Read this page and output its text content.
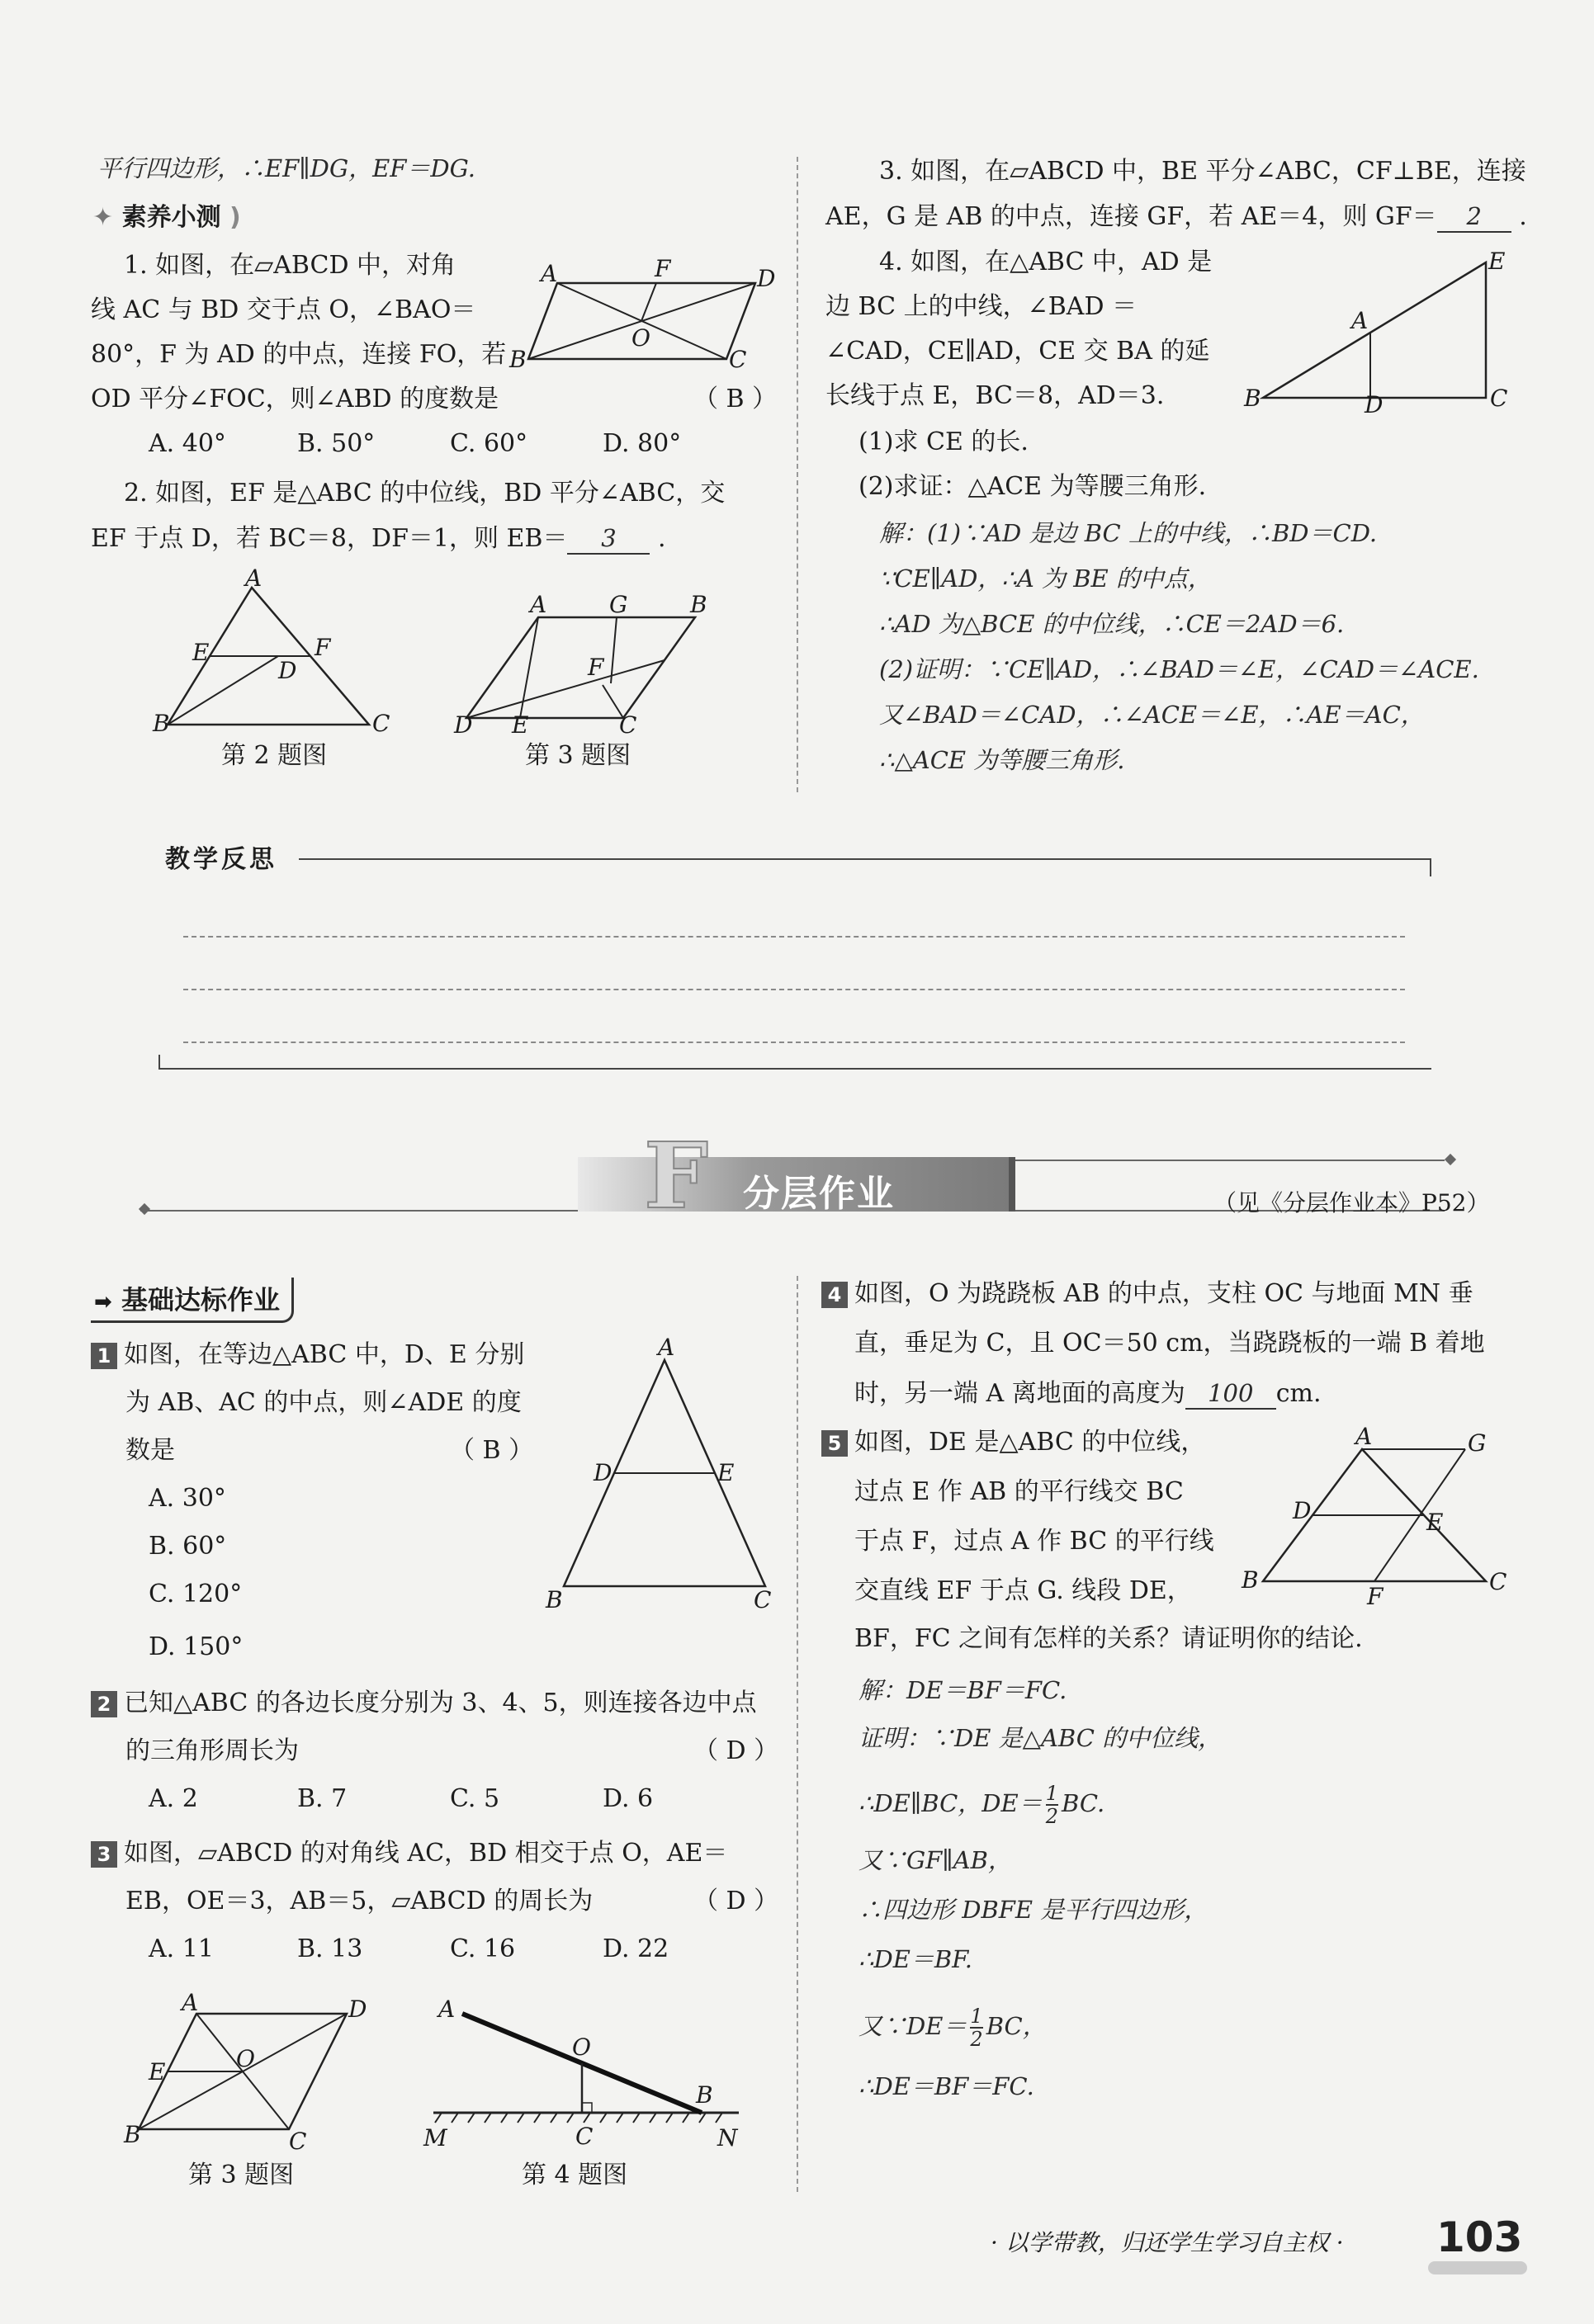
平行四边形，∴EF∥DG，EF＝DG.
✦ 素养小测 )
1. 如图，在▱ABCD 中，对角
线 AC 与 BD 交于点 O，∠BAO＝
80°，F 为 AD 的中点，连接 FO，若
OD 平分∠FOC，则∠ABD 的度数是	（ B ）
A. 40°	B. 50°	C. 60°	D. 80°
A	F	D
B
O
C
2. 如图，EF 是△ABC 的中位线，BD 平分∠ABC，交
EF 于点 D，若 BC＝8，DF＝1，则 EB＝ 3 .
A
E	F
D
B	C
第 2 题图
A	G	B
F
D E	C
第 3 题图
3. 如图，在▱ABCD 中，BE 平分∠ABC，CF⊥BE，连接
AE，G 是 AB 的中点，连接 GF，若 AE＝4，则 GF＝ 2 .
4. 如图，在△ABC 中，AD 是
边 BC 上的中线，∠BAD ＝
∠CAD，CE∥AD，CE 交 BA 的延
长线于点 E，BC＝8，AD＝3.
E
A
B	D	C
(1)求 CE 的长.
(2)求证：△ACE 为等腰三角形.
解：(1)∵AD 是边 BC 上的中线，∴BD＝CD.
∵CE∥AD，∴A 为 BE 的中点，
∴AD 为△BCE 的中位线，∴CE＝2AD＝6.
(2)证明：∵CE∥AD，∴∠BAD＝∠E，∠CAD＝∠ACE.
又∠BAD＝∠CAD，∴∠ACE＝∠E，∴AE＝AC，
∴△ACE 为等腰三角形.
教学反思
F 分层作业	（见《分层作业本》P52）
➡ 基础达标作业
1 如图，在等边△ABC 中，D、E 分别
为 AB、AC 的中点，则∠ADE 的度
数是	（ B ）
A. 30°
B. 60°
C. 120°
D. 150°
A
D	E
B	C
2 已知△ABC 的各边长度分别为 3、4、5，则连接各边中点
的三角形周长为	（ D ）
A. 2	B. 7	C. 5	D. 6
3 如图，▱ABCD 的对角线 AC，BD 相交于点 O，AE＝
EB，OE＝3，AB＝5，▱ABCD 的周长为	（ D ）
A. 11	B. 13	C. 16	D. 22
A	D
E	O
B	C
第 3 题图
A
O
B
M	C	N
第 4 题图
4 如图，O 为跷跷板 AB 的中点，支柱 OC 与地面 MN 垂
直，垂足为 C，且 OC＝50 cm，当跷跷板的一端 B 着地
时，另一端 A 离地面的高度为 100 cm.
5 如图，DE 是△ABC 的中位线，
过点 E 作 AB 的平行线交 BC
于点 F，过点 A 作 BC 的平行线
交直线 EF 于点 G. 线段 DE，
BF，FC 之间有怎样的关系？请证明你的结论.
A	G
D	E
B
F
C
解：DE＝BF＝FC.
证明：∵DE 是△ABC 的中位线，
∴DE∥BC，$DE= \frac{1}{2}$ BC.
又∵GF∥AB，
∴四边形 DBFE 是平行四边形，
∴DE＝BF.
又∵DE＝ $\frac{1}{2}$ BC，
∴DE＝BF＝FC.
· 以学带教，归还学生学习自主权 · 103
